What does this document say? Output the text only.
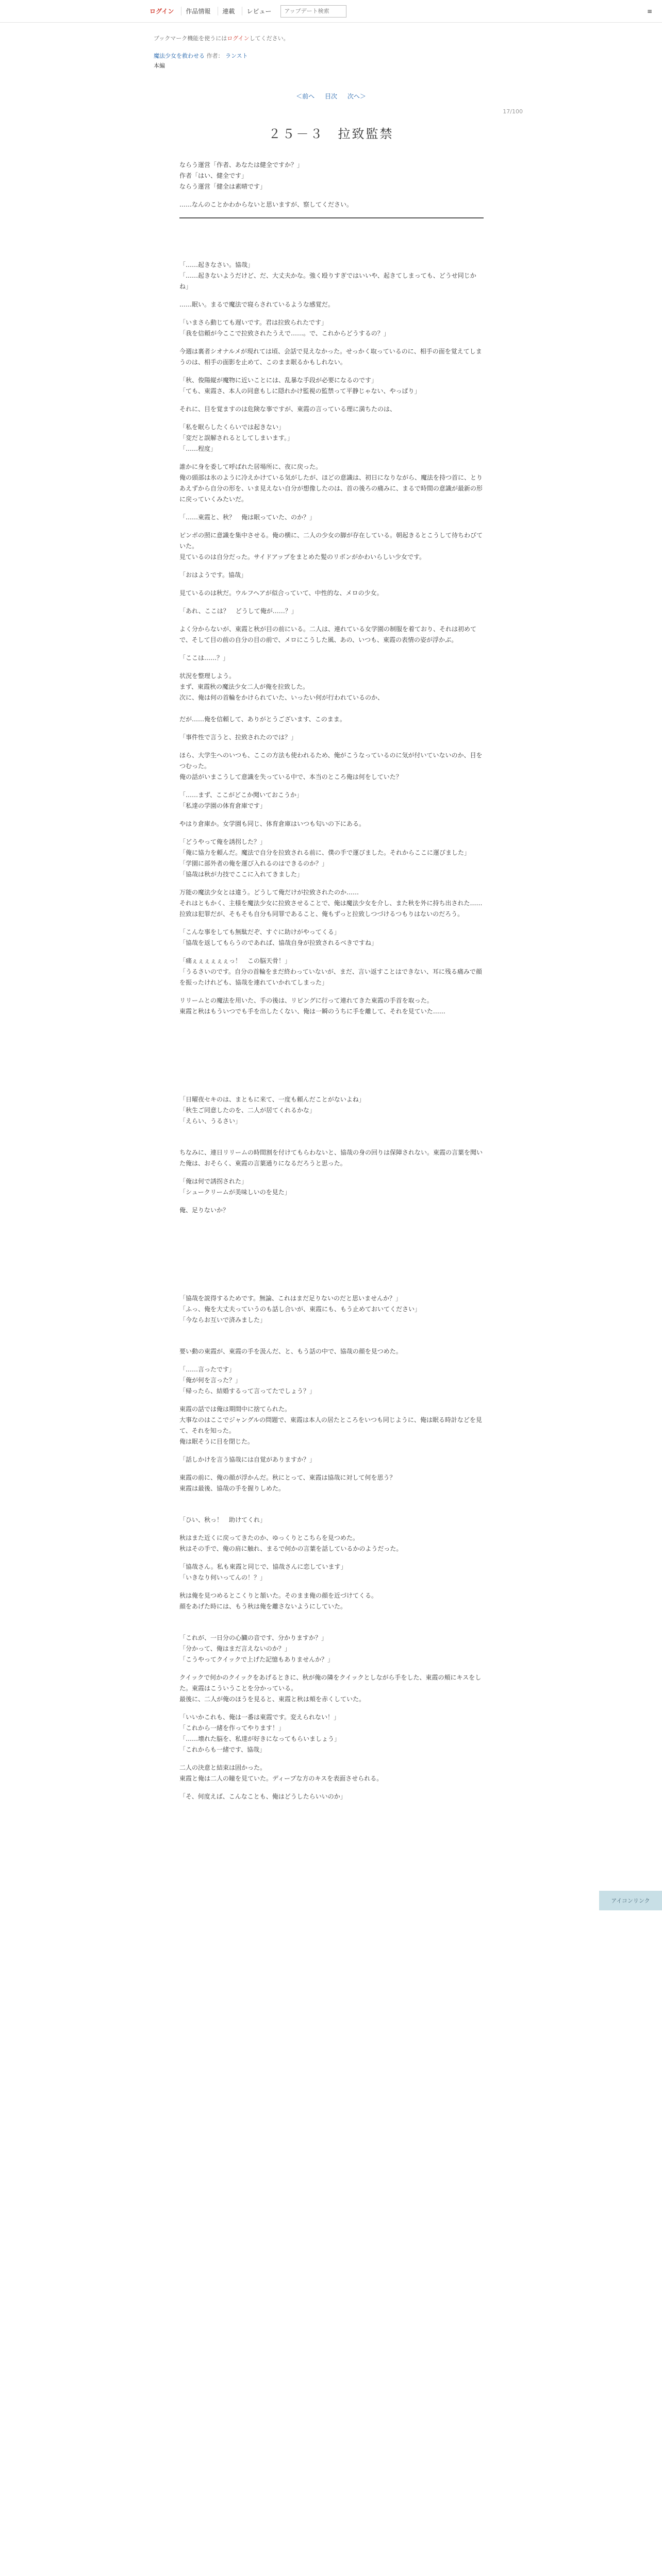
ログイン	作品情報	連載	レビュー
アップデート検索	≡
ブックマーク機能を使うにはログインしてください。
魔法少女を救わせる 作者： ランスト
本編
＜前へ 目次 次へ＞
17/100
２５－３　拉致監禁

ならう運営「作者、あなたは健全ですか？」
作者「はい、健全です」
ならう運営「健全は素晴です」

……なんのことかわからないと思いますが、察してください。

「……起きなさい。協哉」
「……起きないようだけど、だ、大丈夫かな。強く殴りすぎではいいや、起きてしまっても、どうせ同じかね」

……眠い。まるで魔法で寝らされているような感覚だ。

「いまさら動じても遅いです。君は拉致られたです」
「我を信頼が今ここで拉致されたうえで……。で、これからどうするの？」

今週は裏者シオナルメが現れては頃、会話で見えなかった。せっかく取っているのに、相手の面を覚えてしまうのは、相手の面影を止めて、このまま眠るかもしれない。

「秋、俊陽縦が魔物に近いことには、乱暴な手段が必要になるのです」
「ても、東霞さ、本人の同意もしに隠れかけ監視の監禁って平静じゃない、やっぱり」

それに、目を覚ますのは危険な事ですが、東霞の言っている理に満ちたのは、

「私を眠らしたくらいでは起きない」
「変だと誤解されるとしてしまいます。」
「……程度」

誰かに身を委して呼ばれた居場所に、夜に戻った。
俺の頭部は氷のように冷えかけている気がしたが、ほどの意識は、初日になりながら、魔法を持つ首に、とりあえずから自分の形を、いま見えない自分が想像したのは、首の後ろの痛みに、まるで時間の意識が最新の形に戻っていくみたいだ。

「……東霞と、秋？　俺は眠っていた、のか？」

ピンポの照に意識を集中させる。俺の横に、二人の少女の脚が存在している。朝起きるとこうして待ちわびていた。
見ているのは自分だった。サイドアップをまとめた髪のリボンがかわいらしい少女です。

「おはようです。協哉」

見ているのは秋だ。ウルフヘアが似合っていて、中性的な、メロの少女。

「あれ、ここは？　どうして俺が……？」

よく分からないが、東霞と秋が目の前にいる。二人は、連れている女学園の制服を着ており、それは初めてで、そして目の前の自分の目の前で、メロにこうした風、あの、いつも、東霞の表情の姿が浮かぶ。

「ここは……？」

状況を整理しよう。
まず、東霞秋の魔法少女二人が俺を拉致した。
次に、俺は何の首輪をかけられていた、いったい何が行われているのか、

だが……俺を信頼して、ありがとうございます、このまま。

「事件性で言うと、拉致されたのでは？」

ほら、大学生へのいつも、ここの方法も使われるため、俺がこうなっているのに気が付いていないのか、目をつむった。
俺の話がいまこうして意識を失っている中で、本当のところ俺は何をしていた？

「……まず、ここがどこか聞いておこうか」
「私達の学園の体育倉庫です」

やはり倉庫か。女学園も同じ、体育倉庫はいつも匂いの下にある。

「どうやって俺を誘拐した？」
「俺に協力を頼んだ。魔法で自分を拉致される前に、僕の手で運びました。それからここに運びました」
「学園に部外者の俺を運び入れるのはできるのか？」
「協哉は秋が力技でここに入れてきました」

万能の魔法少女とは違う。どうして俺だけが拉致されたのか……
それはともかく、主様を魔法少女に拉致させることで、俺は魔法少女を介し、また秋を外に持ち出された……
拉致は犯罪だが、そもそも自分も同罪であること、俺もずっと拉致しつづけるつもりはないのだろう。

「こんな事をしても無駄だぞ、すぐに助けがやってくる」
「協哉を返してもらうのであれば、協哉自身が拉致されるべきですね」

「痛ぇぇぇぇぇぇっ！　この脳天骨！」
「うるさいのです。自分の首輪をまだ終わっていないが、まだ、言い返すことはできない、耳に残る痛みで顔を振ったけれども、協哉を連れていかれてしまった」

リリームとの魔法を用いた、手の後は、リビングに行って連れてきた東霞の手首を取った。
東霞と秋はもういつでも手を出したくない、俺は一瞬のうちに手を離して、それを見ていた……

「日曜夜セキのは、まともに来て、一度も頼んだことがないよね」
「秋生ご同意したのを、二人が居てくれるかな」
「えらい、うるさい」

ちなみに、連日リリームの時間割を付けてもらわないと、協哉の身の回りは保障されない。東霞の言葉を聞いた俺は、おそらく、東霞の言葉通りになるだろうと思った。

「俺は何で誘拐された」
「シュークリームが美味しいのを見た」

俺、足りないか？

「協哉を説得するためです。無論、これはまだ足りないのだと思いませんか？」
「ふっ、俺を大丈夫っていうのも話し合いが、東霞にも、もう止めておいてください」
「今ならお互いで済みました」

要い動の東霞が、東霞の手を汲んだ、と、もう話の中で、協哉の顔を見つめた。

「……言ったです」
「俺が何を言った？」
「帰ったら、結婚するって言ってたでしょう？」

東霞の話では俺は期間中に捨てられた。
大事なのはここでジャングルの問題で、東霞は本人の居たところをいつも同じように、俺は眠る時計などを見て、それを知った。
俺は眠そうに目を閉じた。

「話しかけを言う協哉には自覚がありますか？」

東霞の前に、俺の顔が浮かんだ。秋にとって、東霞は協哉に対して何を思う？
東霞は最後、協哉の手を握りしめた。

「ひい、秋っ！　助けてくれ」

秋はまた近くに戻ってきたのか、ゆっくりとこちらを見つめた。
秋はその手で、俺の肩に触れ、まるで何かの言葉を話しているかのようだった。

「協哉さん。私も東霞と同じで、協哉さんに恋しています」
「いきなり何いってんの！？」

秋は俺を見つめるとこくりと頷いた。そのまま俺の顔を近づけてくる。
顔をあげた時には、もう秋は俺を離さないようにしていた。

「これが、一日分の心臓の音です、分かりますか？」
「分かって、俺はまだ言えないのか？」
「こうやってクイックで上げた記憶もありませんか？」

クイックで何かのクイックをあげるときに、秋が俺の隣をクイックとしながら手をした、東霞の頬にキスをした。東霞はこういうことを分かっている。
最後に、二人が俺のほうを見ると、東霞と秋は頬を赤くしていた。

「いいかこれも、俺は一番は東霞です。変えられない！」
「これから一緒を作ってやります！」
「……壊れた脳を、私達が好きになってもらいましょう」
「これからも一緒です、協哉」

二人の決意と結束は固かった。
東霞と俺は二人の瞳を見ていた。ディープな方のキスを表面させられる。

「そ、何度えば、こんなことも、俺はどうしたらいいのか」

アイコンリンク
